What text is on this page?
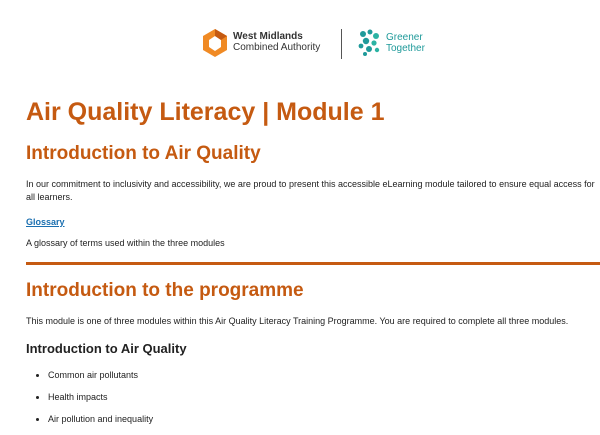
West Midlands
Combined Authority
Greener
Together
Air Quality Literacy | Module 1
Introduction to Air Quality

In our commitment to inclusivity and accessibility, we are proud to present this accessible eLearning module tailored to ensure equal access for all learners.

Glossary

A glossary of terms used within the three modules

Introduction to the programme

This module is one of three modules within this Air Quality Literacy Training Programme. You are required to complete all three modules.

Introduction to Air Quality
• Common air pollutants
• Health impacts
• Air pollution and inequality
